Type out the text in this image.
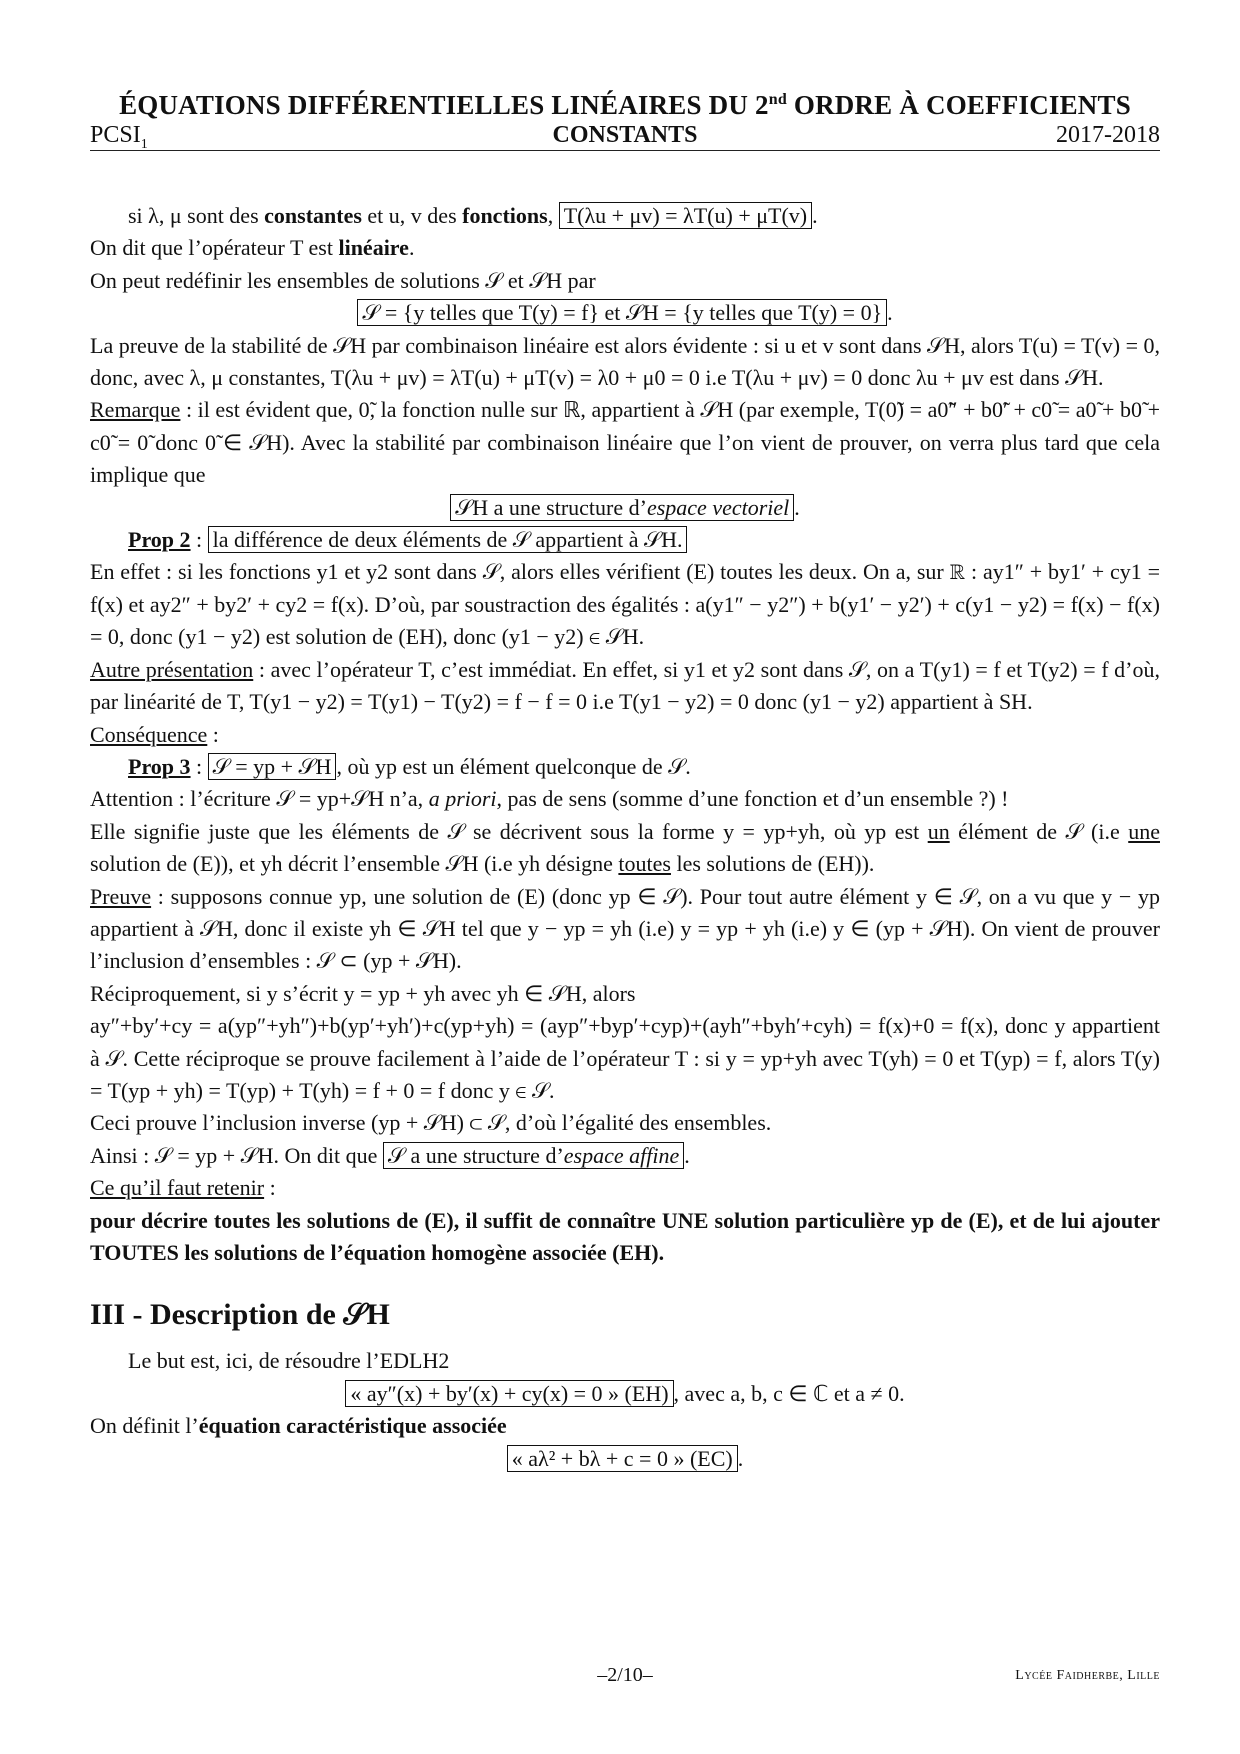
ÉQUATIONS DIFFÉRENTIELLES LINÉAIRES DU 2nd ORDRE À COEFFICIENTS
CONSTANTS
$PCSI_1$	2017-2018

si λ, μ sont des constantes et u, v des fonctions, T(λu + μv) = λT(u) + μT(v) .

On dit que l’opérateur T est linéaire.

On peut redéfinir les ensembles de solutions 𝒮 et 𝒮H par

𝒮 = {y telles que T(y) = f} et 𝒮H = {y telles que T(y) = 0} .

La preuve de la stabilité de 𝒮H par combinaison linéaire est alors évidente : si u et v sont dans 𝒮H, alors T(u) = T(v) = 0, donc, avec λ, μ constantes, T(λu + μv) = λT(u) + μT(v) = λ0 + μ0 = 0 i.e T(λu + μv) = 0 donc λu + μv est dans 𝒮H.

Remarque : il est évident que, 0̃, la fonction nulle sur ℝ, appartient à 𝒮H (par exemple, T(0̃) = a0̃″ + b0̃′ + c0̃ = a0̃ + b0̃ + c0̃ = 0̃ donc 0̃ ∈ 𝒮H). Avec la stabilité par combinaison linéaire que l’on vient de prouver, on verra plus tard que cela implique que

𝒮H a une structure d’espace vectoriel .

Prop 2 : la différence de deux éléments de 𝒮 appartient à 𝒮H.

En effet : si les fonctions y1 et y2 sont dans 𝒮, alors elles vérifient (E) toutes les deux. On a, sur ℝ : ay1″ + by1′ + cy1 = f(x) et ay2″ + by2′ + cy2 = f(x). D’où, par soustraction des égalités : a(y1″ − y2″) + b(y1′ − y2′) + c(y1 − y2) = f(x) − f(x) = 0, donc (y1 − y2) est solution de (EH), donc (y1 − y2) ∈ 𝒮H.

Autre présentation : avec l’opérateur T, c’est immédiat. En effet, si y1 et y2 sont dans 𝒮, on a T(y1) = f et T(y2) = f d’où, par linéarité de T, T(y1 − y2) = T(y1) − T(y2) = f − f = 0 i.e T(y1 − y2) = 0 donc (y1 − y2) appartient à SH.

Conséquence :

Prop 3 : 𝒮 = yp + 𝒮H , où yp est un élément quelconque de 𝒮.

Attention : l’écriture 𝒮 = yp+𝒮H n’a, a priori, pas de sens (somme d’une fonction et d’un ensemble ?) !

Elle signifie juste que les éléments de 𝒮 se décrivent sous la forme y = yp+yh, où yp est un élément de 𝒮 (i.e une solution de (E)), et yh décrit l’ensemble 𝒮H (i.e yh désigne toutes les solutions de (EH)).

Preuve : supposons connue yp, une solution de (E) (donc yp ∈ 𝒮). Pour tout autre élément y ∈ 𝒮, on a vu que y − yp appartient à 𝒮H, donc il existe yh ∈ 𝒮H tel que y − yp = yh (i.e) y = yp + yh (i.e) y ∈ (yp + 𝒮H). On vient de prouver l’inclusion d’ensembles : 𝒮 ⊂ (yp + 𝒮H).

Réciproquement, si y s’écrit y = yp + yh avec yh ∈ 𝒮H, alors

ay″+by′+cy = a(yp″+yh″)+b(yp′+yh′)+c(yp+yh) = (ayp″+byp′+cyp)+(ayh″+byh′+cyh) = f(x)+0 = f(x), donc y appartient à 𝒮. Cette réciproque se prouve facilement à l’aide de l’opérateur T : si y = yp+yh avec T(yh) = 0 et T(yp) = f, alors T(y) = T(yp + yh) = T(yp) + T(yh) = f + 0 = f donc y ∈ 𝒮.

Ceci prouve l’inclusion inverse (yp + 𝒮H) ⊂ 𝒮, d’où l’égalité des ensembles.

Ainsi : 𝒮 = yp + 𝒮H. On dit que 𝒮 a une structure d’espace affine .

Ce qu’il faut retenir :

pour décrire toutes les solutions de (E), il suffit de connaître UNE solution particulière yp de (E), et de lui ajouter TOUTES les solutions de l’équation homogène associée (EH).

III - Description de 𝒮H

Le but est, ici, de résoudre l’EDLH2

« ay″(x) + by′(x) + cy(x) = 0 » (EH) , avec a, b, c ∈ ℂ et a ≠ 0.

On définit l’équation caractéristique associée

« aλ² + bλ + c = 0 » (EC) .

–2/10–	Lycée Faidherbe, Lille
